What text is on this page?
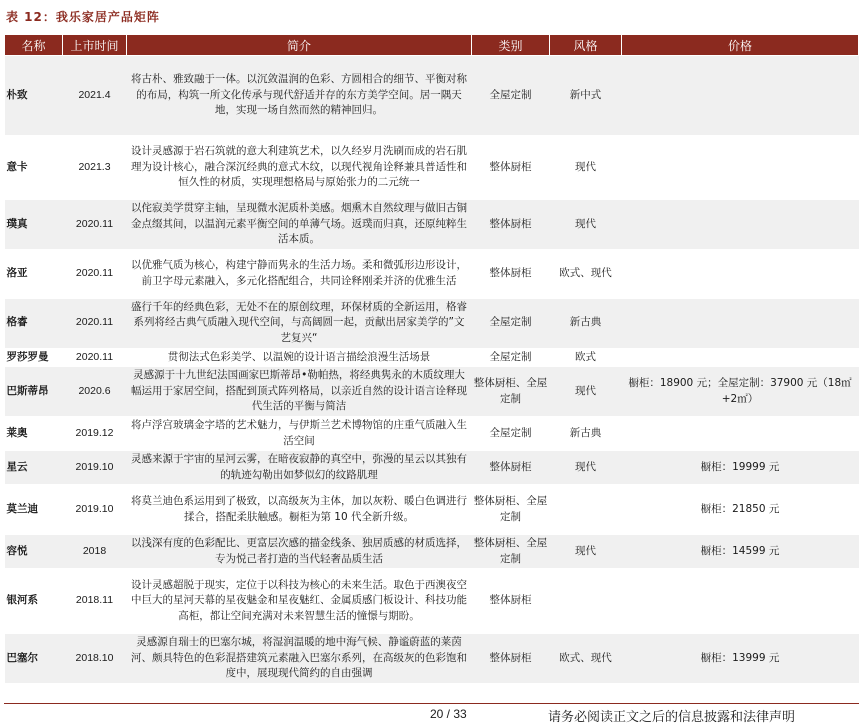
表 12：我乐家居产品矩阵
名称	上市时间	简介	类别	风格	价格
朴致	2021.4	将古朴、雅致融于一体。以沉敛温润的色彩、方圆相合的细节、平衡对称的布局，构筑一所文化传承与现代舒适并存的东方美学空间。居一隅天地，实现一场自然而然的精神回归。	全屋定制	新中式	
意卡	2021.3	设计灵感源于岩石筑就的意大利建筑艺术，以久经岁月洗刷而成的岩石肌理为设计核心，融合深沉经典的意式木纹，以现代视角诠释兼具普适性和恒久性的材质，实现理想格局与原始张力的二元统一	整体厨柜	现代	
璞真	2020.11	以侘寂美学贯穿主轴，呈现微水泥质朴美感。烟熏木自然纹理与做旧古铜金点缀其间，以温润元素平衡空间的单薄气场。返璞而归真，还原纯粹生活本质。	整体厨柜	现代	
洛亚	2020.11	以优雅气质为核心，构建宁静而隽永的生活力场。柔和微弧形边形设计，前卫字母元素融入，多元化搭配组合，共同诠释刚柔并济的优雅生活	整体厨柜	欧式、现代	
格睿	2020.11	盛行千年的经典色彩，无处不在的原创纹理，环保材质的全新运用，格睿系列将经古典气质融入现代空间，与高阔圆一起，贡献出居家美学的”文艺复兴“	全屋定制	新古典	
罗莎罗曼	2020.11	贯彻法式色彩美学、以温婉的设计语言描绘浪漫生活场景	全屋定制	欧式	
巴斯蒂昂	2020.6	灵感源于十九世纪法国画家巴斯蒂昂•勒帕热，将经典隽永的木质纹理大幅运用于家居空间，搭配到顶式阵列格局，以亲近自然的设计语言诠释现代生活的平衡与简洁	整体厨柜、全屋定制	现代	橱柜：18900 元；全屋定制：37900 元（18㎡+2㎡）
莱奥	2019.12	将卢浮宫玻璃金字塔的艺术魅力，与伊斯兰艺术博物馆的庄重气质融入生活空间	全屋定制	新古典	
星云	2019.10	灵感来源于宇宙的星河云雾，在暗夜寂静的真空中，弥漫的星云以其独有的轨迹勾勒出如梦似幻的纹路肌理	整体厨柜	现代	橱柜：19999 元
莫兰迪	2019.10	将莫兰迪色系运用到了极致，以高级灰为主体，加以灰粉、暖白色调进行揉合，搭配柔肤触感。橱柜为第 10 代全新升级。	整体厨柜、全屋定制		橱柜：21850 元
容悦	2018	以浅深有度的色彩配比、更富层次感的描金线条、独居质感的材质选择，专为悦己者打造的当代轻奢品质生活	整体厨柜、全屋定制	现代	橱柜：14599 元
银河系	2018.11	设计灵感超脱于现实，定位于以科技为核心的未来生活。取色于西澳夜空中巨大的星河天幕的星夜魅金和星夜魅红、金属质感门板设计、科技功能高柜，都让空间充满对未来智慧生活的憧憬与期盼。	整体厨柜		
巴塞尔	2018.10	灵感源自瑞士的巴塞尔城，将湿润温暖的地中海气候、静谧蔚蓝的莱茵河、颇具特色的色彩混搭建筑元素融入巴塞尔系列，在高级灰的色彩饱和度中，展现现代简约的自由强调	整体厨柜	欧式、现代	橱柜：13999 元
20 / 33	请务必阅读正文之后的信息披露和法律声明
